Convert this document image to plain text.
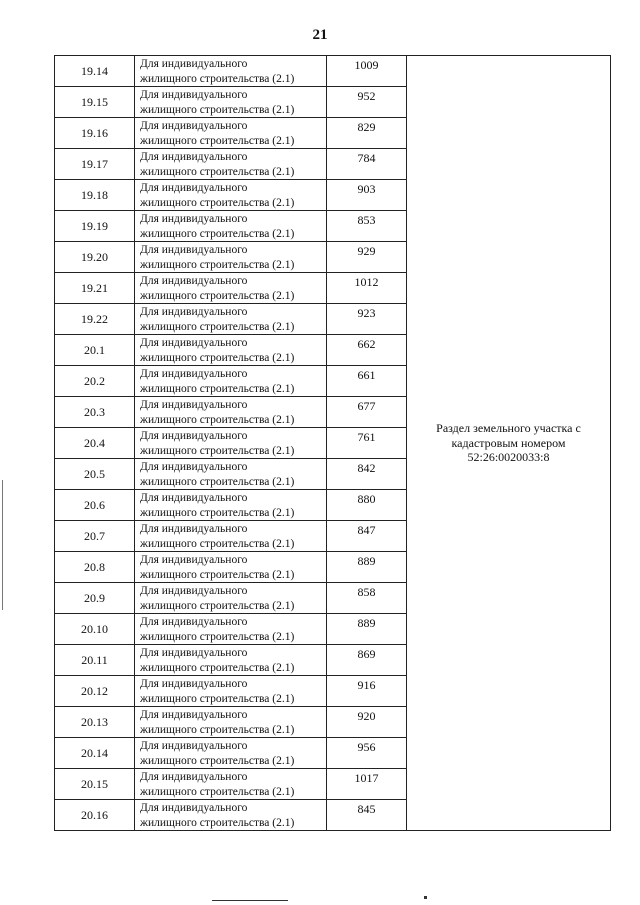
21
19.14	Для индивидуального
жилищного строительства (2.1)	1009	Раздел земельного участка с
кадастровым номером
52:26:0020033:8

19.15	Для индивидуального
жилищного строительства (2.1)	952	
19.16	Для индивидуального
жилищного строительства (2.1)	829	
19.17	Для индивидуального
жилищного строительства (2.1)	784	
19.18	Для индивидуального
жилищного строительства (2.1)	903	
19.19	Для индивидуального
жилищного строительства (2.1)	853	
19.20	Для индивидуального
жилищного строительства (2.1)	929	
19.21	Для индивидуального
жилищного строительства (2.1)	1012	
19.22	Для индивидуального
жилищного строительства (2.1)	923	
20.1	Для индивидуального
жилищного строительства (2.1)	662	
20.2	Для индивидуального
жилищного строительства (2.1)	661	
20.3	Для индивидуального
жилищного строительства (2.1)	677	
20.4	Для индивидуального
жилищного строительства (2.1)	761	
20.5	Для индивидуального
жилищного строительства (2.1)	842	
20.6	Для индивидуального
жилищного строительства (2.1)	880	
20.7	Для индивидуального
жилищного строительства (2.1)	847	
20.8	Для индивидуального
жилищного строительства (2.1)	889	
20.9	Для индивидуального
жилищного строительства (2.1)	858	
20.10	Для индивидуального
жилищного строительства (2.1)	889	
20.11	Для индивидуального
жилищного строительства (2.1)	869	
20.12	Для индивидуального
жилищного строительства (2.1)	916	
20.13	Для индивидуального
жилищного строительства (2.1)	920	
20.14	Для индивидуального
жилищного строительства (2.1)	956	
20.15	Для индивидуального
жилищного строительства (2.1)	1017	
20.16	Для индивидуального
жилищного строительства (2.1)	845	
